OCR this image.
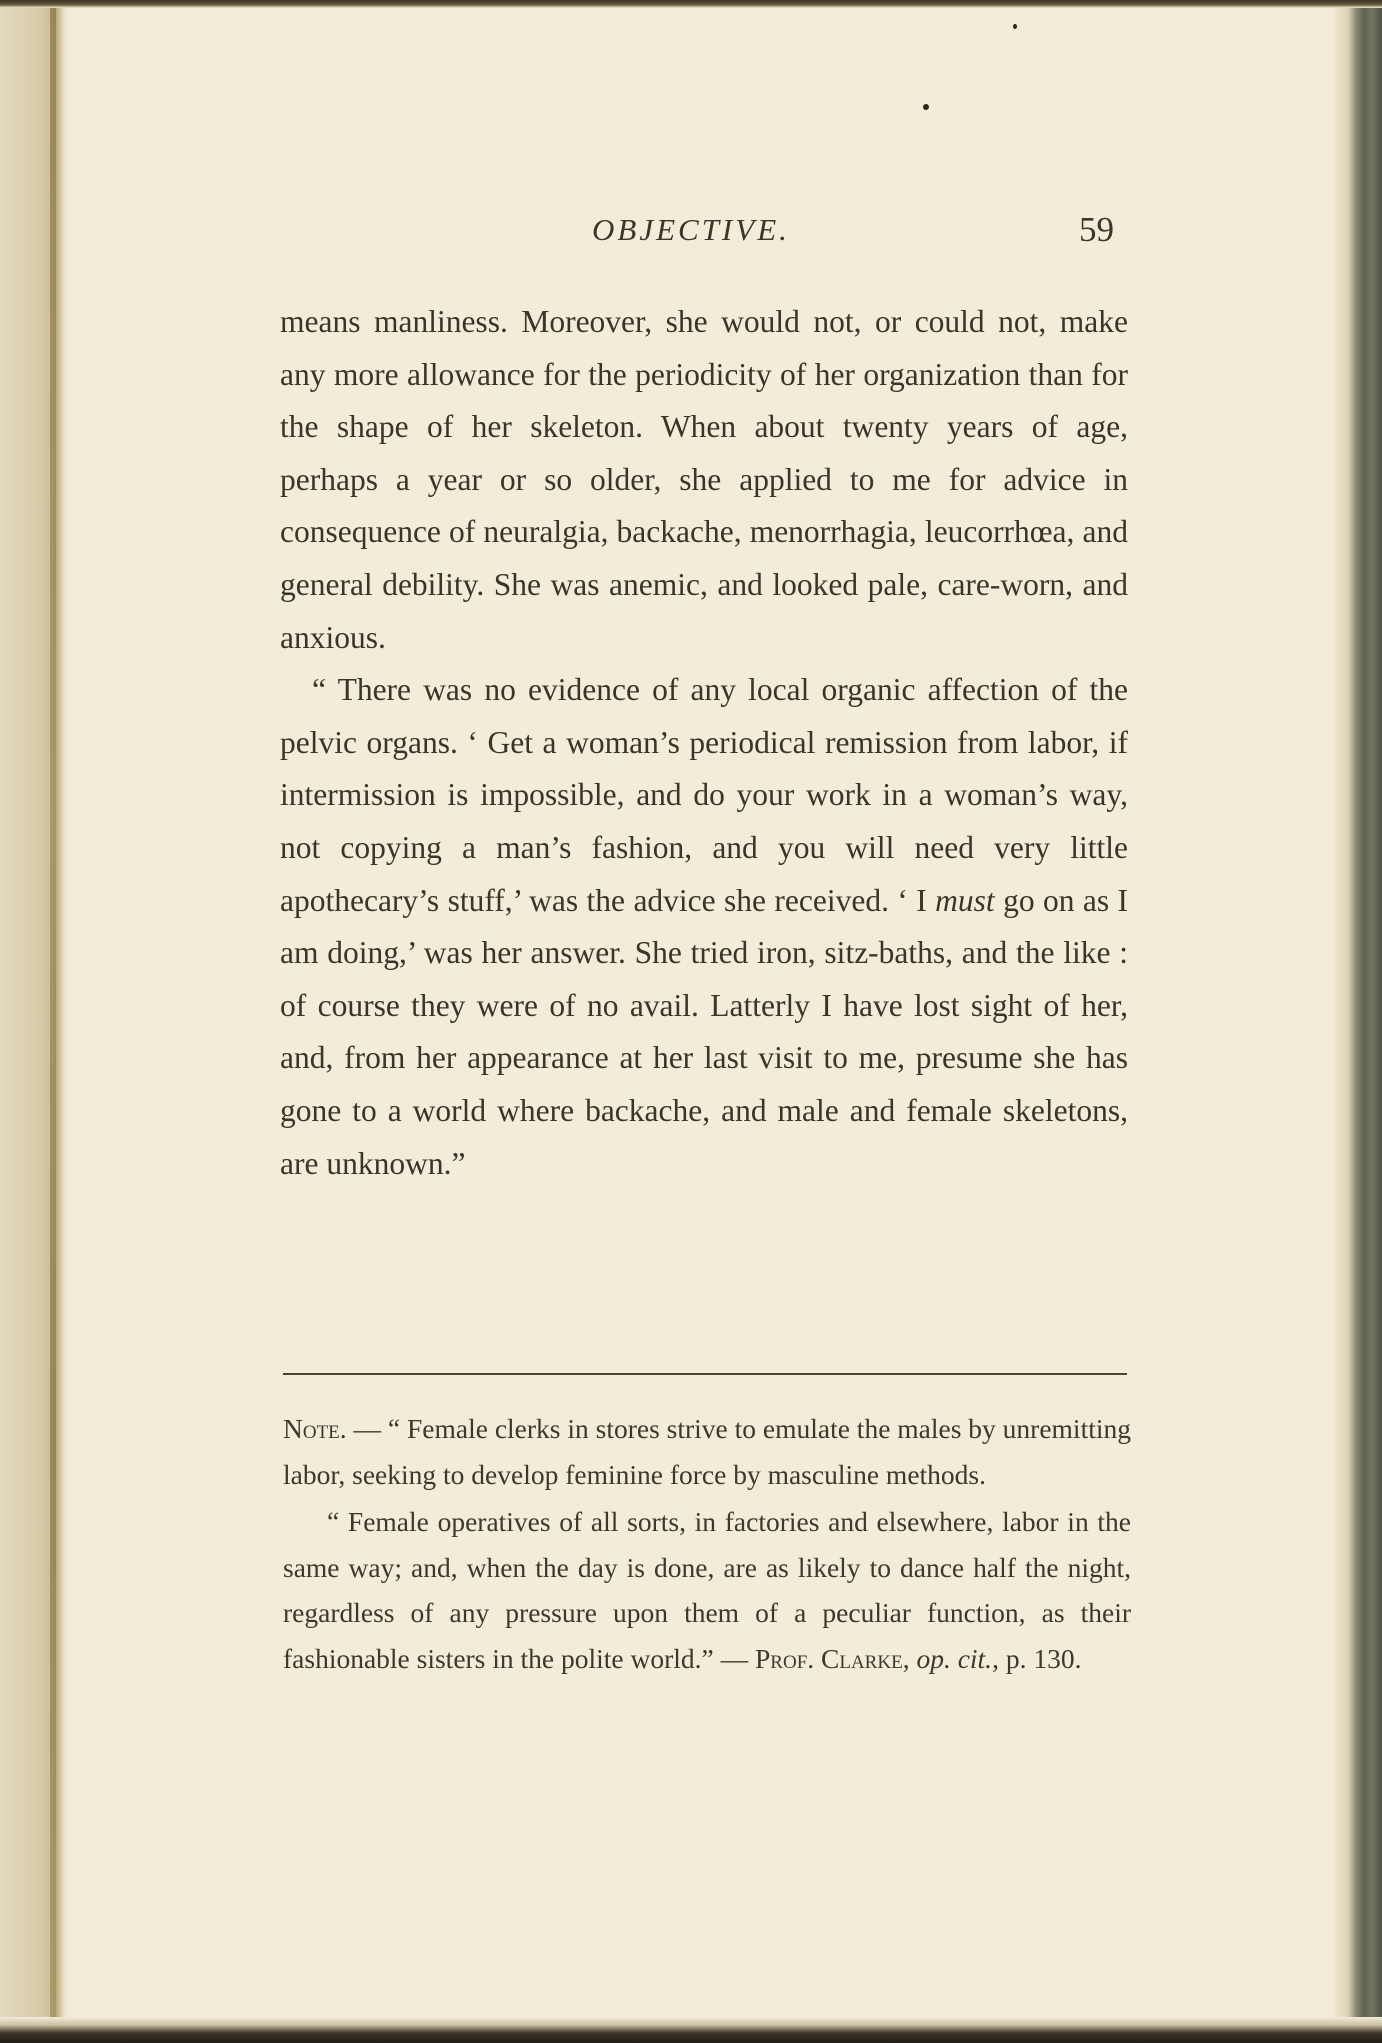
OBJECTIVE.	59

means manliness. Moreover, she would not, or could not, make any more allowance for the periodicity of her organization than for the shape of her skeleton. When about twenty years of age, perhaps a year or so older, she applied to me for advice in consequence of neuralgia, backache, menorrhagia, leucorrhœa, and general debility. She was anemic, and looked pale, care-worn, and anxious.

“ There was no evidence of any local organic affection of the pelvic organs. ‘ Get a woman’s periodical remission from labor, if intermission is impossible, and do your work in a woman’s way, not copying a man’s fashion, and you will need very little apothecary’s stuff,’ was the advice she received. ‘ I must go on as I am doing,’ was her answer. She tried iron, sitz-baths, and the like : of course they were of no avail. Latterly I have lost sight of her, and, from her appearance at her last visit to me, presume she has gone to a world where backache, and male and female skeletons, are unknown.”

Note. — “ Female clerks in stores strive to emulate the males by unremitting labor, seeking to develop feminine force by masculine methods.

“ Female operatives of all sorts, in factories and elsewhere, labor in the same way; and, when the day is done, are as likely to dance half the night, regardless of any pressure upon them of a peculiar function, as their fashionable sisters in the polite world.” — Prof. Clarke, op. cit., p. 130.
